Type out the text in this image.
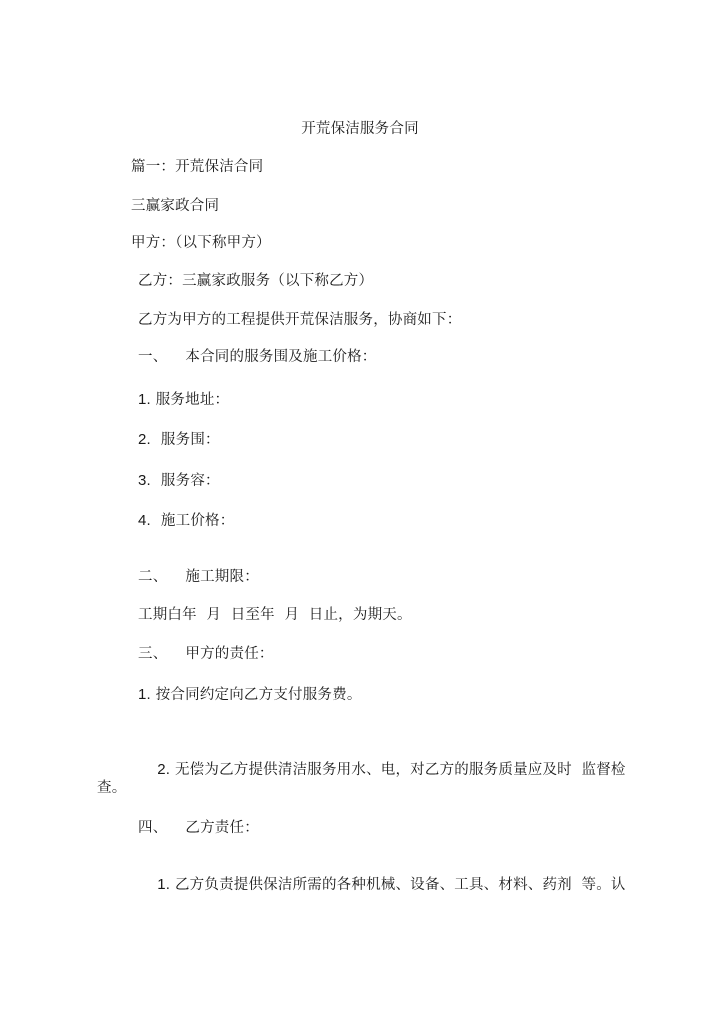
开荒保洁服务合同
篇一：开荒保洁合同
三赢家政合同
甲方：（以下称甲方）
乙方：三赢家政服务（以下称乙方）
乙方为甲方的工程提供开荒保洁服务，协商如下：
一、 本合同的服务围及施工价格：
1. 服务地址：
2. 服务围：
3. 服务容：
4. 施工价格：
二、 施工期限：
工期白年  月  日至年  月  日止，为期天。
三、 甲方的责任：
1. 按合同约定向乙方支付服务费。

2. 无偿为乙方提供清洁服务用水、电，对乙方的服务质量应及时  监督检

查。
四、 乙方责任：

1. 乙方负责提供保洁所需的各种机械、设备、工具、材料、药剂  等。认
